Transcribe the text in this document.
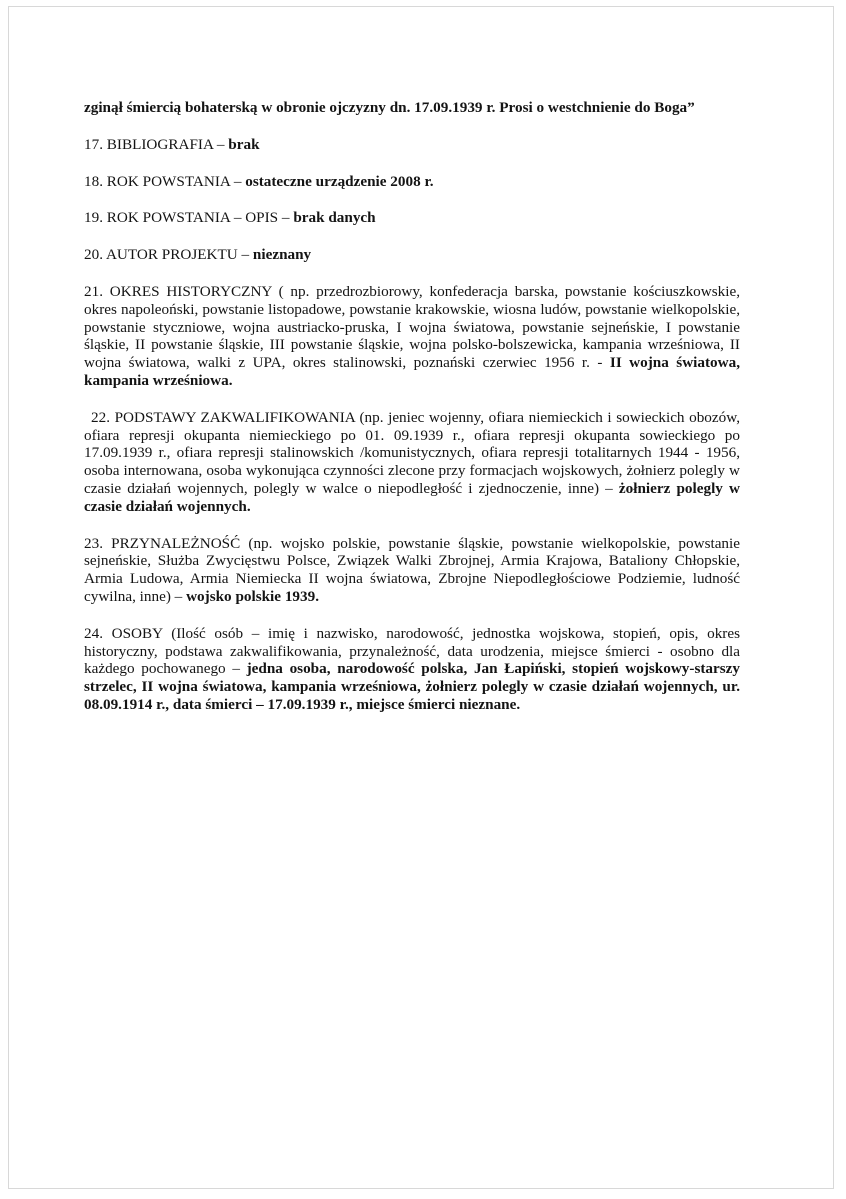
zginął śmiercią bohaterską w obronie ojczyzny dn. 17.09.1939 r. Prosi o westchnienie do Boga”

17. BIBLIOGRAFIA – brak

18. ROK POWSTANIA – ostateczne urządzenie 2008 r.

19. ROK POWSTANIA – OPIS – brak danych

20. AUTOR PROJEKTU – nieznany

21. OKRES HISTORYCZNY ( np. przedrozbiorowy, konfederacja barska, powstanie kościuszkowskie, okres napoleoński, powstanie listopadowe, powstanie krakowskie, wiosna ludów, powstanie wielkopolskie, powstanie styczniowe, wojna austriacko-pruska, I wojna światowa, powstanie sejneńskie, I powstanie śląskie, II powstanie śląskie, III powstanie śląskie, wojna polsko-bolszewicka, kampania wrześniowa, II wojna światowa, walki z UPA, okres stalinowski, poznański czerwiec 1956 r. - II wojna światowa, kampania wrześniowa.

22. PODSTAWY ZAKWALIFIKOWANIA (np. jeniec wojenny, ofiara niemieckich i sowieckich obozów, ofiara represji okupanta niemieckiego po 01. 09.1939 r., ofiara represji okupanta sowieckiego po 17.09.1939 r., ofiara represji stalinowskich /komunistycznych, ofiara represji totalitarnych 1944 - 1956, osoba internowana, osoba wykonująca czynności zlecone przy formacjach wojskowych, żołnierz polegly w czasie działań wojennych, polegly w walce o niepodległość i zjednoczenie, inne) – żołnierz polegly w czasie działań wojennych.

23. PRZYNALEŻNOŚĆ (np. wojsko polskie, powstanie śląskie, powstanie wielkopolskie, powstanie sejneńskie, Służba Zwycięstwu Polsce, Związek Walki Zbrojnej, Armia Krajowa, Bataliony Chłopskie, Armia Ludowa, Armia Niemiecka II wojna światowa, Zbrojne Niepodległościowe Podziemie, ludność cywilna, inne) – wojsko polskie 1939.

24. OSOBY (Ilość osób – imię i nazwisko, narodowość, jednostka wojskowa, stopień, opis, okres historyczny, podstawa zakwalifikowania, przynależność, data urodzenia, miejsce śmierci - osobno dla każdego pochowanego – jedna osoba, narodowość polska, Jan Łapiński, stopień wojskowy-starszy strzelec, II wojna światowa, kampania wrześniowa, żołnierz polegly w czasie działań wojennych, ur. 08.09.1914 r., data śmierci – 17.09.1939 r., miejsce śmierci nieznane.
